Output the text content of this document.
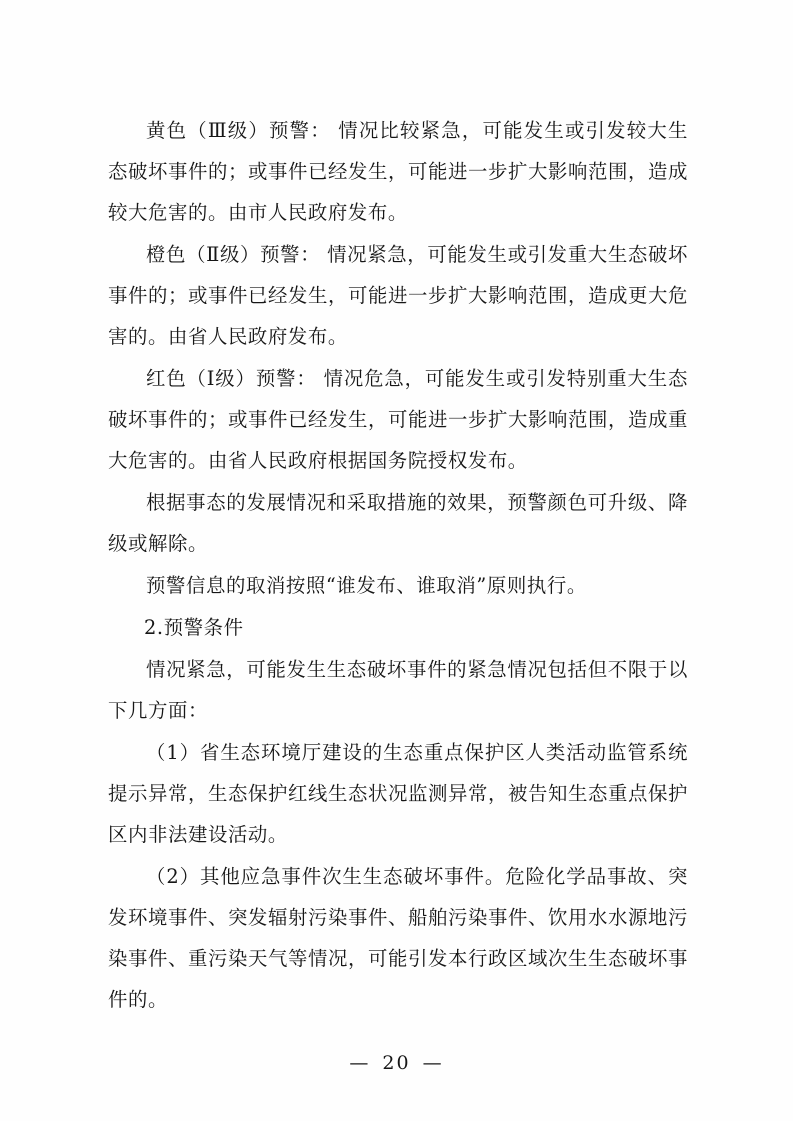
黄色（Ⅲ级）预警： 情况比较紧急，可能发生或引发较大生态破坏事件的；或事件已经发生，可能进一步扩大影响范围，造成较大危害的。由市人民政府发布。

橙色（Ⅱ级）预警： 情况紧急，可能发生或引发重大生态破坏事件的；或事件已经发生，可能进一步扩大影响范围，造成更大危害的。由省人民政府发布。

红色（Ⅰ级）预警： 情况危急，可能发生或引发特别重大生态破坏事件的；或事件已经发生，可能进一步扩大影响范围，造成重大危害的。由省人民政府根据国务院授权发布。

根据事态的发展情况和采取措施的效果，预警颜色可升级、降级或解除。

预警信息的取消按照“谁发布、谁取消”原则执行。

2.预警条件

情况紧急，可能发生生态破坏事件的紧急情况包括但不限于以下几方面：

（1）省生态环境厅建设的生态重点保护区人类活动监管系统提示异常，生态保护红线生态状况监测异常，被告知生态重点保护区内非法建设活动。

（2）其他应急事件次生生态破坏事件。危险化学品事故、突发环境事件、突发辐射污染事件、船舶污染事件、饮用水水源地污染事件、重污染天气等情况，可能引发本行政区域次生生态破坏事件的。

— 20 —
